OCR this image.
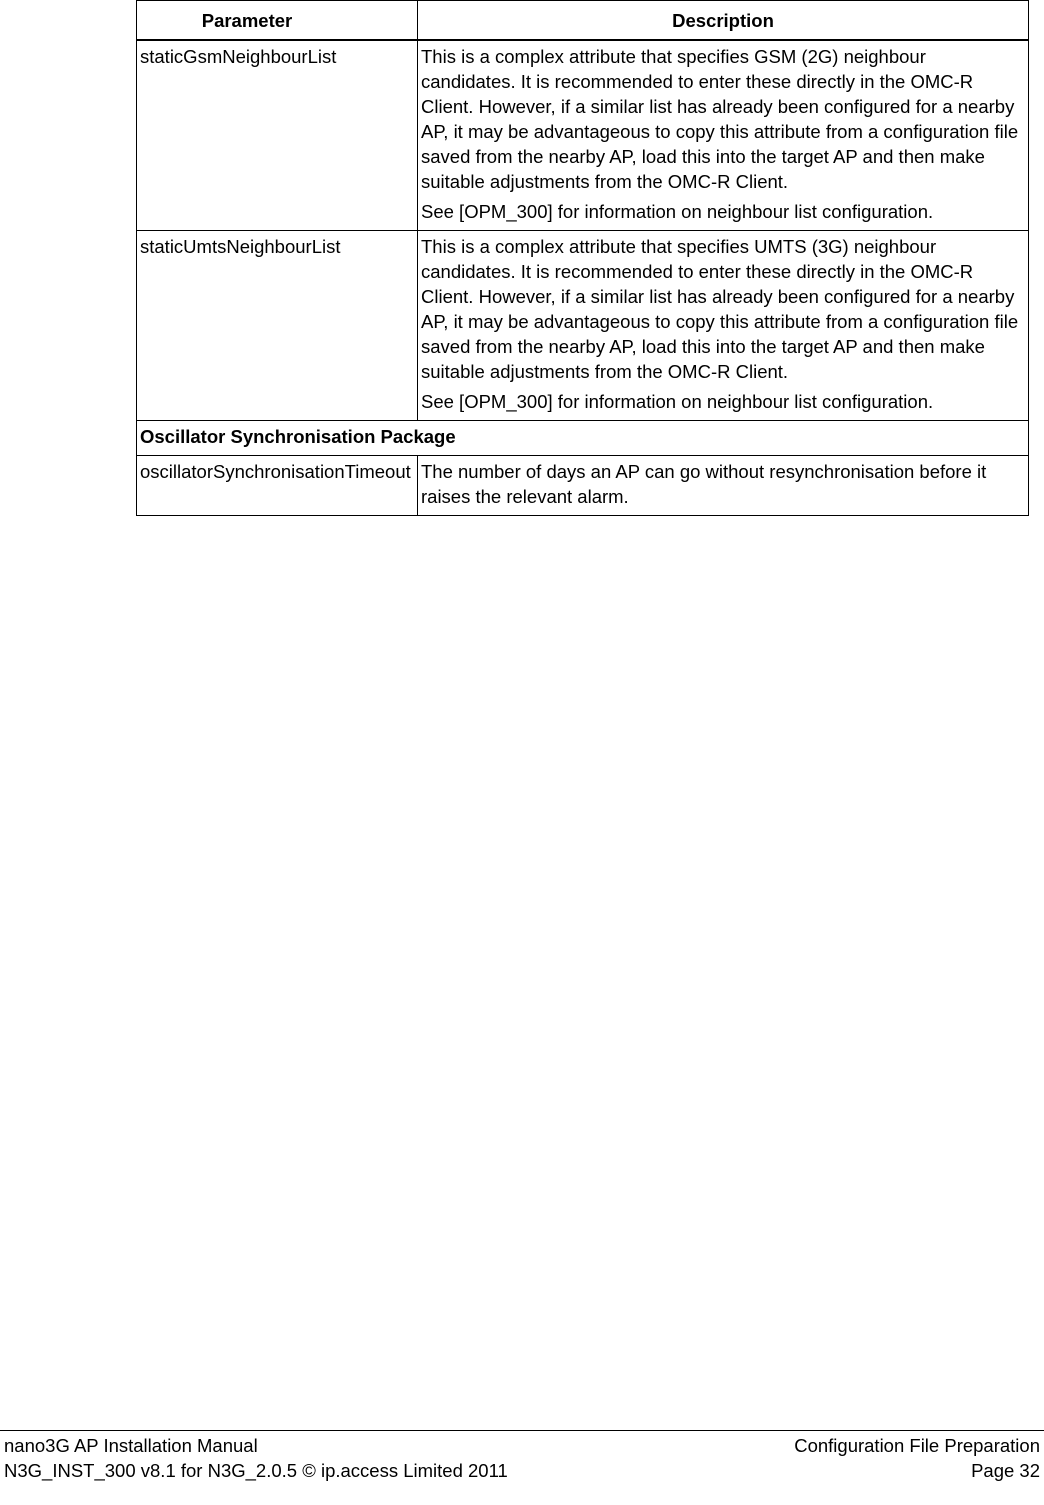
Parameter	Description
staticGsmNeighbourList	This is a complex attribute that specifies GSM (2G) neighbour candidates. It is recommended to enter these directly in the OMC-R Client. However, if a similar list has already been configured for a nearby AP, it may be advantageous to copy this attribute from a configuration file saved from the nearby AP, load this into the target AP and then make suitable adjustments from the OMC-R Client.

See [OPM_300] for information on neighbour list configuration.

staticUmtsNeighbourList	This is a complex attribute that specifies UMTS (3G) neighbour candidates. It is recommended to enter these directly in the OMC-R Client. However, if a similar list has already been configured for a nearby AP, it may be advantageous to copy this attribute from a configuration file saved from the nearby AP, load this into the target AP and then make suitable adjustments from the OMC-R Client.

See [OPM_300] for information on neighbour list configuration.

Oscillator Synchronisation Package	
oscillatorSynchronisationTimeout	The number of days an AP can go without resynchronisation before it raises the relevant alarm.

nano3G AP Installation Manual	Configuration File Preparation
N3G_INST_300 v8.1 for N3G_2.0.5 © ip.access Limited 2011	Page 32
